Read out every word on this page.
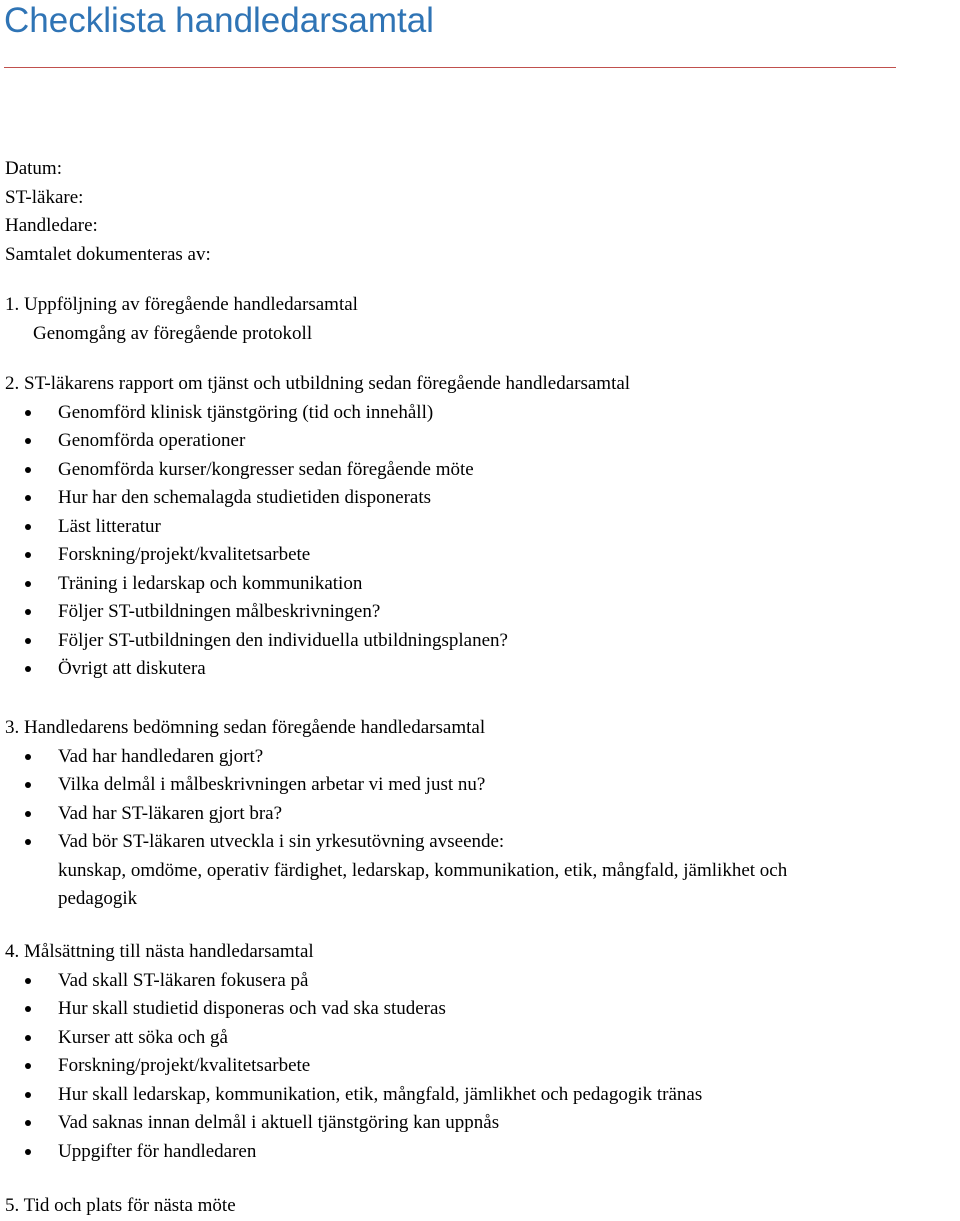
Checklista handledarsamtal
Datum:
ST-läkare:
Handledare:
Samtalet dokumenteras av:
1. Uppföljning av föregående handledarsamtal
Genomgång av föregående protokoll
2. ST-läkarens rapport om tjänst och utbildning sedan föregående handledarsamtal
Genomförd klinisk tjänstgöring (tid och innehåll)
Genomförda operationer
Genomförda kurser/kongresser sedan föregående möte
Hur har den schemalagda studietiden disponerats
Läst litteratur
Forskning/projekt/kvalitetsarbete
Träning i ledarskap och kommunikation
Följer ST-utbildningen målbeskrivningen?
Följer ST-utbildningen den individuella utbildningsplanen?
Övrigt att diskutera
3. Handledarens bedömning sedan föregående handledarsamtal
Vad har handledaren gjort?
Vilka delmål i målbeskrivningen arbetar vi med just nu?
Vad har ST-läkaren gjort bra?
Vad bör ST-läkaren utveckla i sin yrkesutövning avseende:
kunskap, omdöme, operativ färdighet, ledarskap, kommunikation, etik, mångfald, jämlikhet och
pedagogik
4. Målsättning till nästa handledarsamtal
Vad skall ST-läkaren fokusera på
Hur skall studietid disponeras och vad ska studeras
Kurser att söka och gå
Forskning/projekt/kvalitetsarbete
Hur skall ledarskap, kommunikation, etik, mångfald, jämlikhet och pedagogik tränas
Vad saknas innan delmål i aktuell tjänstgöring kan uppnås
Uppgifter för handledaren
5. Tid och plats för nästa möte
